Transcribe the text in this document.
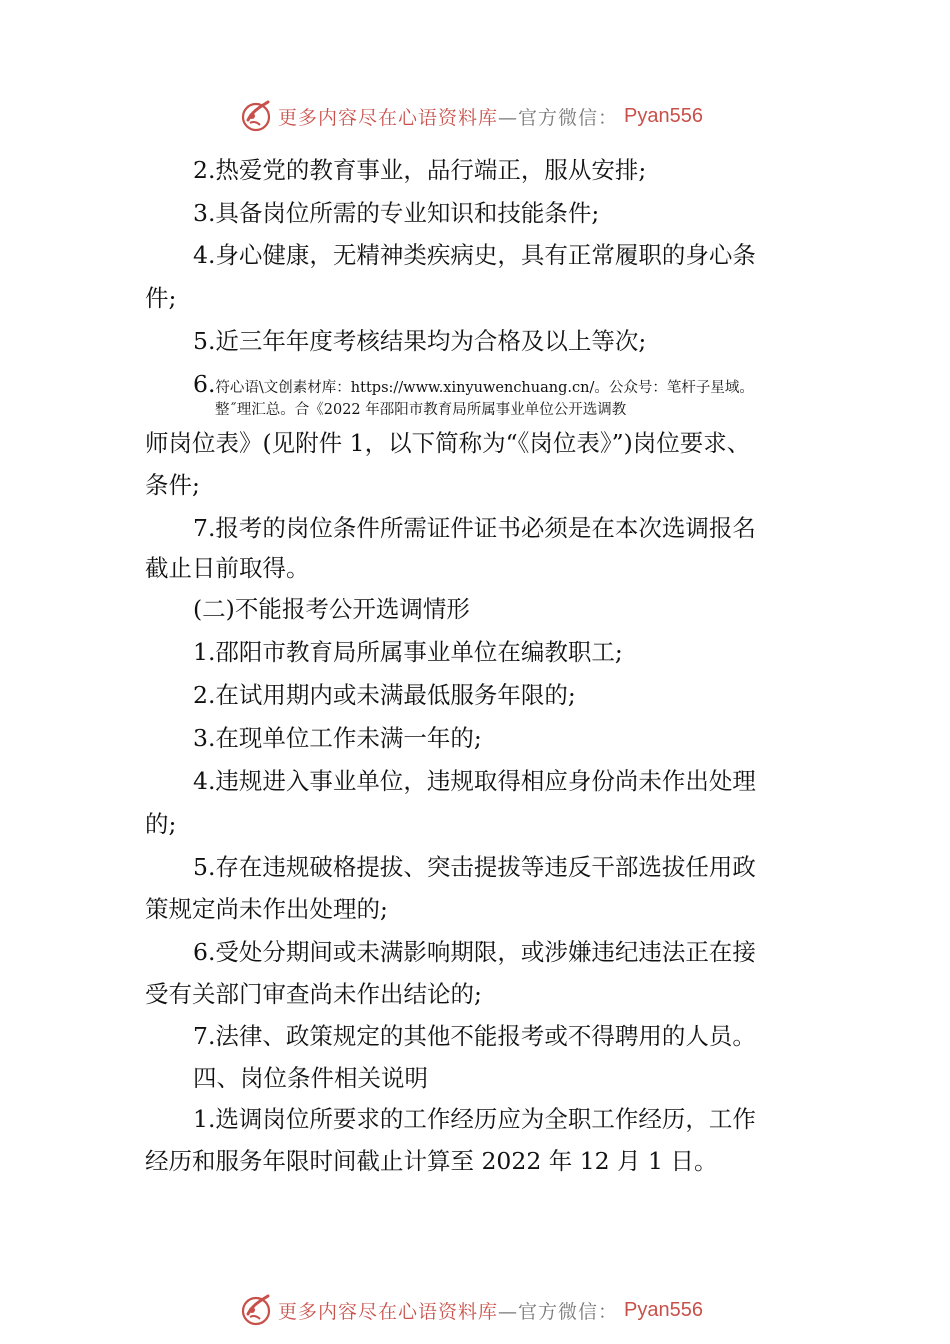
更多内容尽在心语资料库 —官方微信： Pyan556
2.热爱党的教育事业，品行端正，服从安排;
3.具备岗位所需的专业知识和技能条件;
4.身心健康，无精神类疾病史，具有正常履职的身心条
件;
5.近三年年度考核结果均为合格及以上等次;
6.符心语\文创素材库：https://www.xinyuwenchuang.cn/。公众号：笔杆子星域。
整˝理汇总。合《2022 年邵阳市教育局所属事业单位公开选调教
师岗位表》(见附件 1，以下简称为“《岗位表》”)岗位要求、
条件;
7.报考的岗位条件所需证件证书必须是在本次选调报名
截止日前取得。
(二)不能报考公开选调情形
1.邵阳市教育局所属事业单位在编教职工;
2.在试用期内或未满最低服务年限的;
3.在现单位工作未满一年的;
4.违规进入事业单位，违规取得相应身份尚未作出处理
的;
5.存在违规破格提拔、突击提拔等违反干部选拔任用政
策规定尚未作出处理的;
6.受处分期间或未满影响期限，或涉嫌违纪违法正在接
受有关部门审查尚未作出结论的;
7.法律、政策规定的其他不能报考或不得聘用的人员。
四、岗位条件相关说明
1.选调岗位所要求的工作经历应为全职工作经历，工作
经历和服务年限时间截止计算至 2022 年 12 月 1 日。
更多内容尽在心语资料库 —官方微信： Pyan556
